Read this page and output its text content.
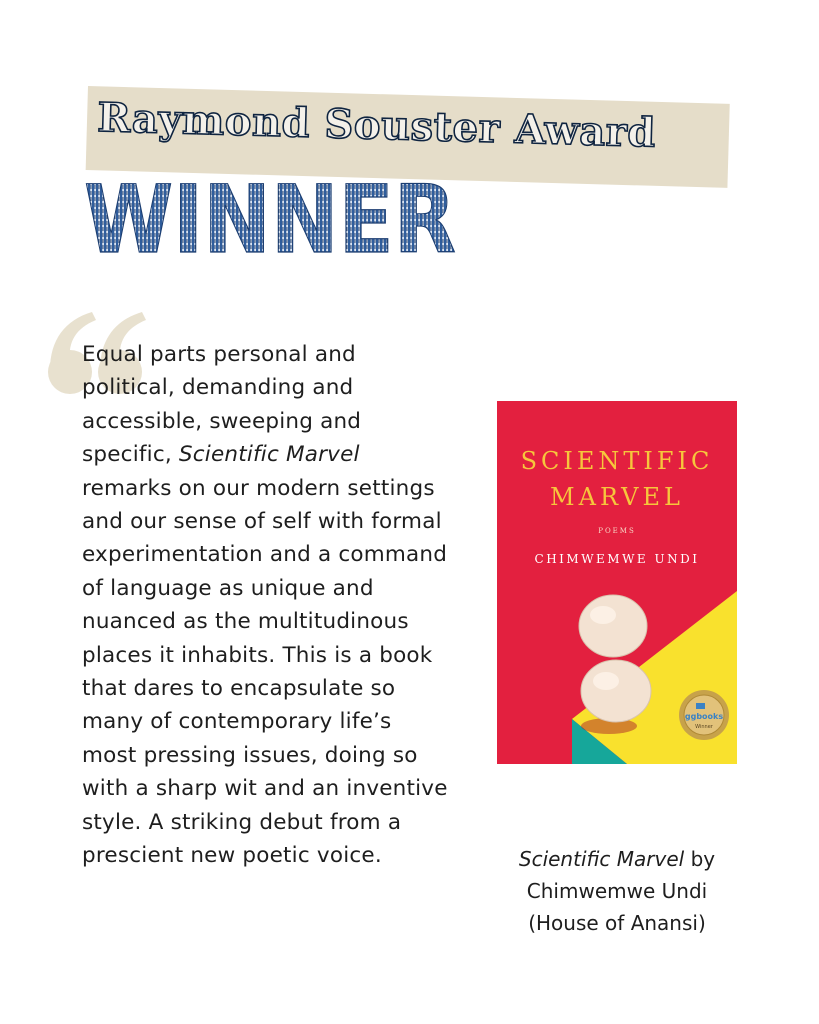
Raymond Souster Award
WINNER
Equal parts personal and political, demanding and accessible, sweeping and specific, Scientific Marvel remarks on our modern settings and our sense of self with formal experimentation and a command of language as unique and nuanced as the multitudinous places it inhabits. This is a book that dares to encapsulate so many of contemporary life’s most pressing issues, doing so with a sharp wit and an inventive style. A striking debut from a prescient new poetic voice.
ggbooks
Winner
SCIENTIFIC
MARVEL
POEMS
CHIMWEMWE UNDI
Scientific Marvel by
Chimwemwe Undi
(House of Anansi)
